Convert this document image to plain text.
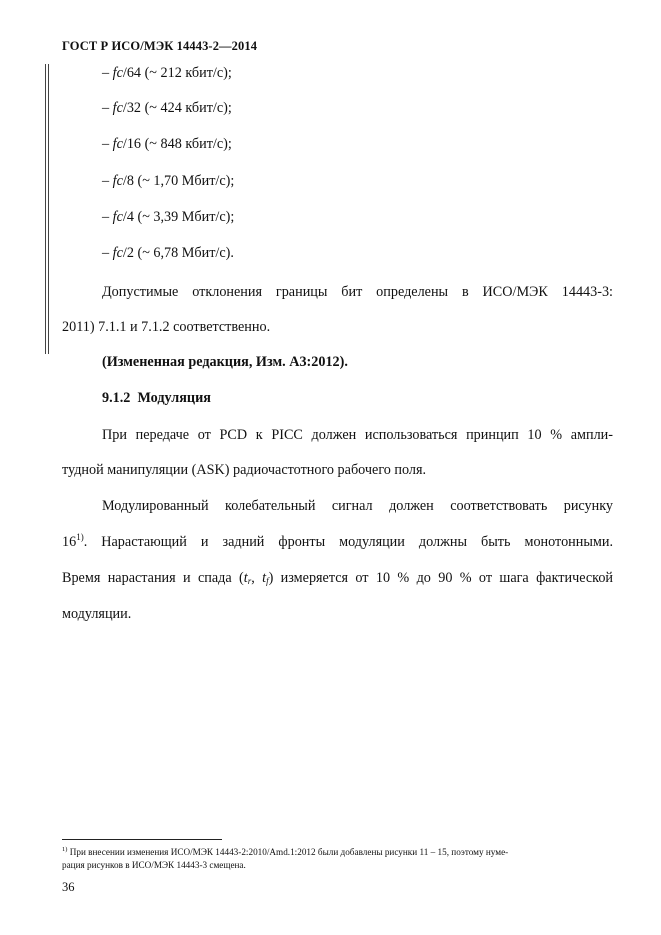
ГОСТ Р ИСО/МЭК 14443-2—2014
– fc/64 (~ 212 кбит/с);
– fc/32 (~ 424 кбит/с);
– fc/16 (~ 848 кбит/с);
– fc/8 (~ 1,70 Мбит/с);
– fc/4 (~ 3,39 Мбит/с);
– fc/2 (~ 6,78 Мбит/с).
Допустимые отклонения границы бит определены в ИСО/МЭК 14443-3:
2011) 7.1.1 и 7.1.2 соответственно.
(Измененная редакция, Изм. А3:2012).
9.1.2 Модуляция
При передаче от PCD к PICC должен использоваться принцип 10 % ампли-
тудной манипуляции (ASK) радиочастотного рабочего поля.
Модулированный колебательный сигнал должен соответствовать рисунку
16$^{1)}$. Нарастающий и задний фронты модуляции должны быть монотонными.
Время нарастания и спада ($t_r$, $t_f$) измеряется от 10 % до 90 % от шага фактической
модуляции.
$^{1)}$ При внесении изменения ИСО/МЭК 14443-2:2010/Amd.1:2012 были добавлены рисунки 11 – 15, поэтому нуме-
рация рисунков в ИСО/МЭК 14443-3 смещена.
36
